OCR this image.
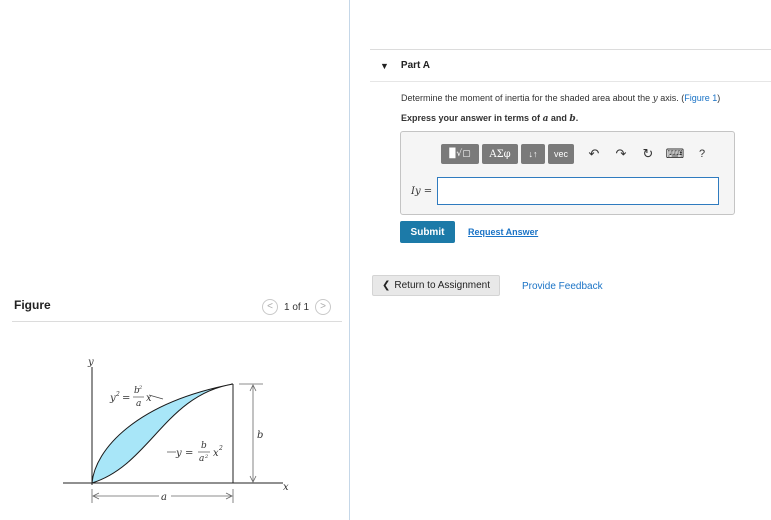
Figure	< 1 of 1 >
y
x
b
a
y 2 =
b 2
a x
y =
b
a 2 x 2
▼ Part A
Determine the moment of inertia for the shaded area about the y axis. (Figure 1)
Express your answer in terms of a and b.
▉√▢	ΑΣφ	↓↑	vec	↶	↷	↻ ⌨	?
Iy =
Submit	Request Answer
❮ Return to Assignment	Provide Feedback
